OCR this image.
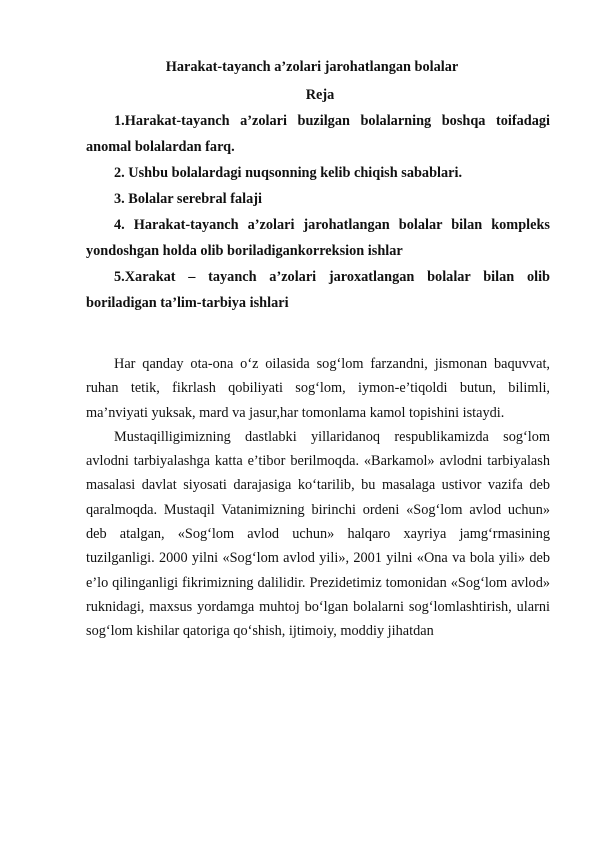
Harakat-tayanch a’zolari jarohatlangan bolalar
Reja

1.Harakat-tayanch a’zolari buzilgan bolalarning boshqa toifadagi anomal bolalardan farq.

2. Ushbu bolalardagi nuqsonning kelib chiqish sabablari.

3. Bolalar serebral falaji

4. Harakat-tayanch a’zolari jarohatlangan bolalar bilan kompleks yondoshgan holda olib boriladigankorreksion ishlar

5.Xarakat – tayanch a’zolari jaroxatlangan bolalar bilan olib boriladigan ta’lim-tarbiya ishlari

Har qanday ota-ona o‘z oilasida sog‘lom farzandni, jismonan baquvvat, ruhan tetik, fikrlash qobiliyati sog‘lom, iymon-e’tiqoldi butun, bilimli, ma’nviyati yuksak, mard va jasur,har tomonlama kamol topishini istaydi.

Mustaqilligimizning dastlabki yillaridanoq respublikamizda sog‘lom avlodni tarbiyalashga katta e’tibor berilmoqda. «Barkamol» avlodni tarbiyalash masalasi davlat siyosati darajasiga ko‘tarilib, bu masalaga ustivor vazifa deb qaralmoqda. Mustaqil Vatanimizning birinchi ordeni «Sog‘lom avlod uchun» deb atalgan, «Sog‘lom avlod uchun» halqaro xayriya jamg‘rmasining tuzilganligi. 2000 yilni «Sog‘lom avlod yili», 2001 yilni «Ona va bola yili» deb e’lo qilinganligi fikrimizning dalilidir. Prezidetimiz tomonidan «Sog‘lom avlod» ruknidagi, maxsus yordamga muhtoj bo‘lgan bolalarni sog‘lomlashtirish, ularni sog‘lom kishilar qatoriga qo‘shish, ijtimoiy, moddiy jihatdan
